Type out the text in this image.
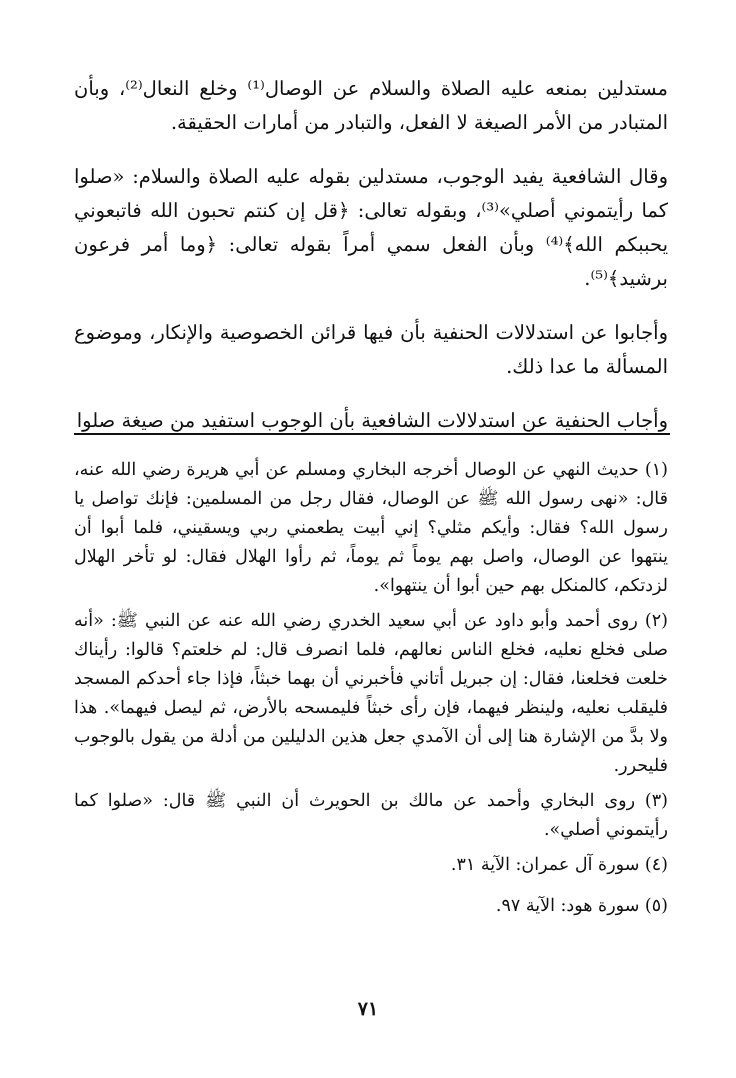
مستدلين بمنعه عليه الصلاة والسلام عن الوصال⁽¹⁾ وخلع النعال⁽²⁾، وبأن المتبادر من الأمر الصيغة لا الفعل، والتبادر من أمارات الحقيقة.

وقال الشافعية يفيد الوجوب، مستدلين بقوله عليه الصلاة والسلام: «صلوا كما رأيتموني أصلي»⁽³⁾، وبقوله تعالى: ﴿قل إن كنتم تحبون الله فاتبعوني يحببكم الله﴾⁽⁴⁾ وبأن الفعل سمي أمراً بقوله تعالى: ﴿وما أمر فرعون برشيد﴾⁽⁵⁾.

وأجابوا عن استدلالات الحنفية بأن فيها قرائن الخصوصية والإنكار، وموضوع المسألة ما عدا ذلك.

وأجاب الحنفية عن استدلالات الشافعية بأن الوجوب استفيد من صيغة صلوا

(١) حديث النهي عن الوصال أخرجه البخاري ومسلم عن أبي هريرة رضي الله عنه، قال: «نهى رسول الله ﷺ عن الوصال، فقال رجل من المسلمين: فإنك تواصل يا رسول الله؟ فقال: وأيكم مثلي؟ إني أبيت يطعمني ربي ويسقيني، فلما أبوا أن ينتهوا عن الوصال، واصل بهم يوماً ثم يوماً، ثم رأوا الهلال فقال: لو تأخر الهلال لزدتكم، كالمنكل بهم حين أبوا أن ينتهوا».

(٢) روى أحمد وأبو داود عن أبي سعيد الخدري رضي الله عنه عن النبي ﷺ: «أنه صلى فخلع نعليه، فخلع الناس نعالهم، فلما انصرف قال: لم خلعتم؟ قالوا: رأيناك خلعت فخلعنا، فقال: إن جبريل أتاني فأخبرني أن بهما خبثاً، فإذا جاء أحدكم المسجد فليقلب نعليه، ولينظر فيهما، فإن رأى خبثاً فليمسحه بالأرض، ثم ليصل فيهما». هذا ولا بدَّ من الإشارة هنا إلى أن الآمدي جعل هذين الدليلين من أدلة من يقول بالوجوب فليحرر.

(٣) روى البخاري وأحمد عن مالك بن الحويرث أن النبي ﷺ قال: «صلوا كما رأيتموني أصلي».

(٤) سورة آل عمران: الآية ٣١.

(٥) سورة هود: الآية ٩٧.

٧١
